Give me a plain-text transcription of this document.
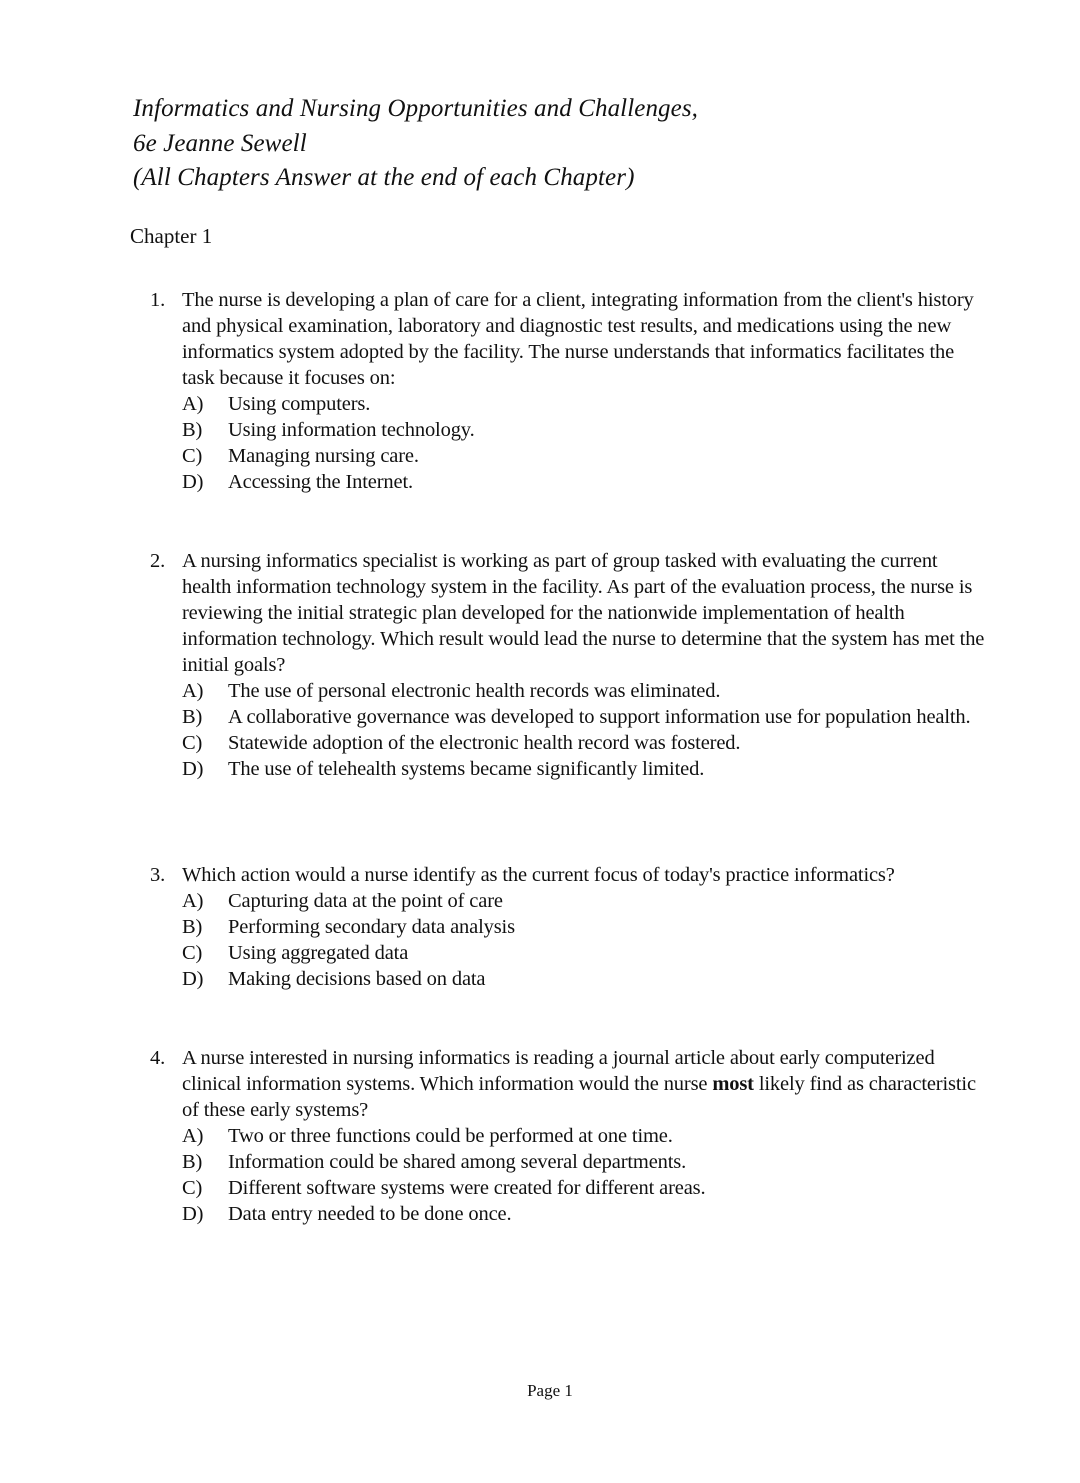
Informatics and Nursing Opportunities and Challenges,
6e Jeanne Sewell
(All Chapters Answer at the end of each Chapter)
Chapter 1
1. The nurse is developing a plan of care for a client, integrating information from the client's history and physical examination, laboratory and diagnostic test results, and medications using the new informatics system adopted by the facility. The nurse understands that informatics facilitates the task because it focuses on:
A)	Using computers.
B)	Using information technology.
C)	Managing nursing care.
D)	Accessing the Internet.
2. A nursing informatics specialist is working as part of group tasked with evaluating the current health information technology system in the facility. As part of the evaluation process, the nurse is reviewing the initial strategic plan developed for the nationwide implementation of health information technology. Which result would lead the nurse to determine that the system has met the initial goals?
A)	The use of personal electronic health records was eliminated.
B)	A collaborative governance was developed to support information use for population health.
C)	Statewide adoption of the electronic health record was fostered.
D)	The use of telehealth systems became significantly limited.
3. Which action would a nurse identify as the current focus of today's practice informatics?
A)	Capturing data at the point of care
B)	Performing secondary data analysis
C)	Using aggregated data
D)	Making decisions based on data
4. A nurse interested in nursing informatics is reading a journal article about early computerized clinical information systems. Which information would the nurse most likely find as characteristic of these early systems?
A)	Two or three functions could be performed at one time.
B)	Information could be shared among several departments.
C)	Different software systems were created for different areas.
D)	Data entry needed to be done once.
Page 1
